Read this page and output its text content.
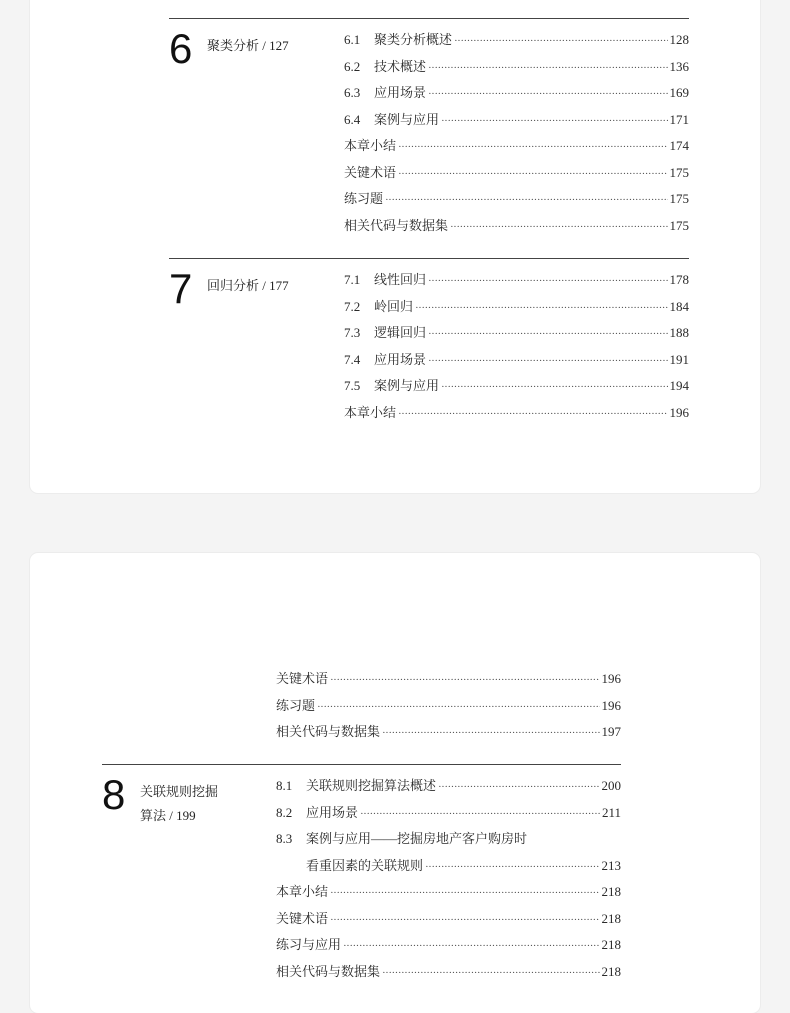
6 聚类分析 / 127	6.1	聚类分析概述 ·····	128
6.2	技术概述 ·····	136
6.3	应用场景 ·····	169
6.4	案例与应用 ·····	171
本章小结 ·····	174
关键术语 ·····	175
练习题 ·····	175
相关代码与数据集 ·····	175
7 回归分析 / 177	7.1	线性回归 ·····	178
7.2	岭回归 ·····	184
7.3	逻辑回归 ·····	188
7.4	应用场景 ·····	191
7.5	案例与应用 ·····	194
本章小结 ·····	196
关键术语 ·····	196
练习题 ·····	196
相关代码与数据集 ·····	197
8 关联规则挖掘
算法 / 199
8.1	关联规则挖掘算法概述 ·····	200
8.2	应用场景 ·····	211
8.3	案例与应用——挖掘房地产客户购房时
看重因素的关联规则 ·····	213
本章小结 ·····	218
关键术语 ·····	218
练习与应用 ·····	218
相关代码与数据集 ·····	218
